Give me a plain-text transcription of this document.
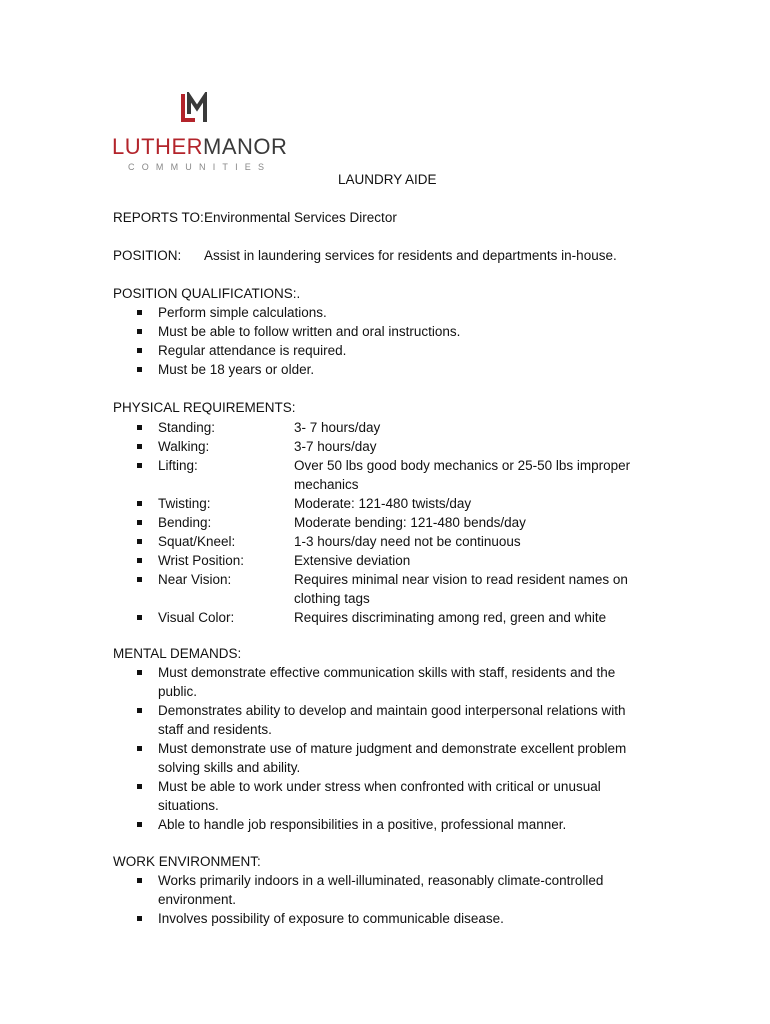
LUTHERMANOR
COMMUNITIES
LAUNDRY AIDE
REPORTS TO: Environmental Services Director
POSITION: Assist in laundering services for residents and departments in-house.
POSITION QUALIFICATIONS:.
Perform simple calculations.
Must be able to follow written and oral instructions.
Regular attendance is required.
Must be 18 years or older.
PHYSICAL REQUIREMENTS:
Standing:	3- 7 hours/day
Walking:	3-7 hours/day
Lifting:	Over 50 lbs good body mechanics or 25-50 lbs improper mechanics
Twisting:	Moderate: 121-480 twists/day
Bending:	Moderate bending: 121-480 bends/day
Squat/Kneel:	1-3 hours/day need not be continuous
Wrist Position:	Extensive deviation
Near Vision:	Requires minimal near vision to read resident names on clothing tags
Visual Color:	Requires discriminating among red, green and white
MENTAL DEMANDS:
Must demonstrate effective communication skills with staff, residents and the public.
Demonstrates ability to develop and maintain good interpersonal relations with staff and residents.
Must demonstrate use of mature judgment and demonstrate excellent problem solving skills and ability.
Must be able to work under stress when confronted with critical or unusual situations.
Able to handle job responsibilities in a positive, professional manner.
WORK ENVIRONMENT:
Works primarily indoors in a well-illuminated, reasonably climate-controlled environment.
Involves possibility of exposure to communicable disease.
